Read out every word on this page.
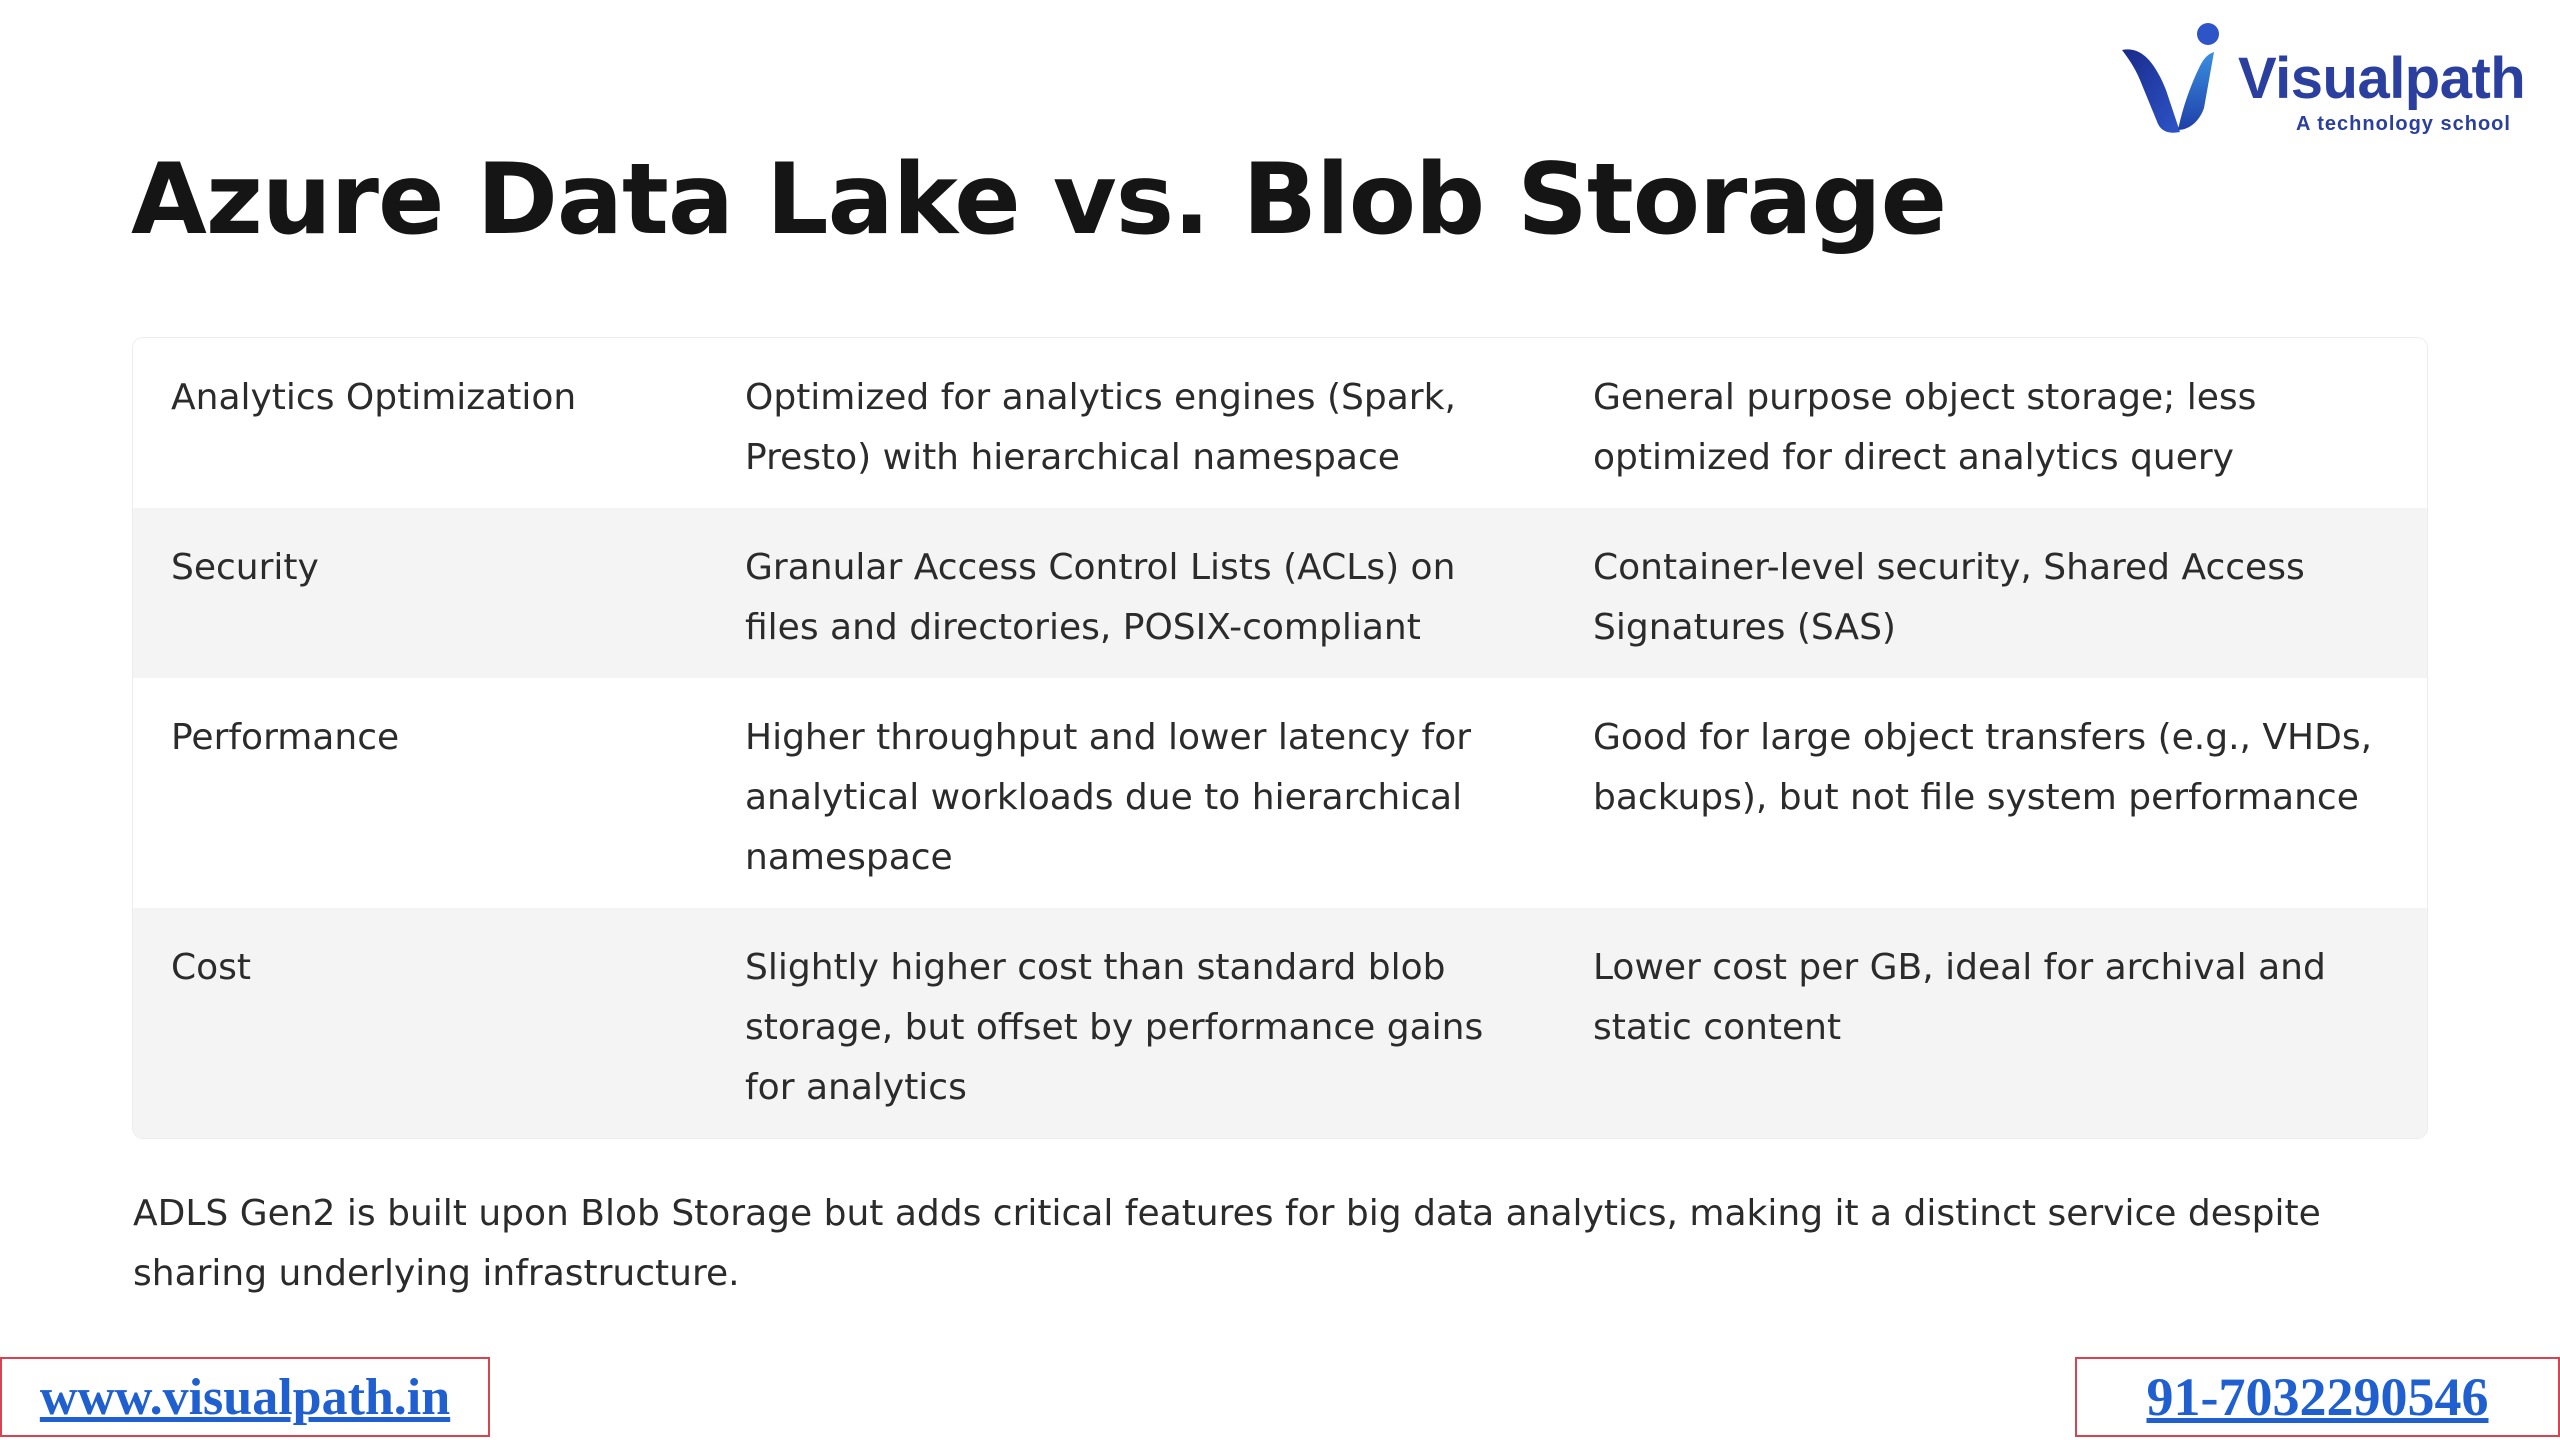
Visualpath
A technology school
Azure Data Lake vs. Blob Storage
Analytics Optimization	Optimized for analytics engines (Spark, Presto) with hierarchical namespace	General purpose object storage; less optimized for direct analytics query
Security	Granular Access Control Lists (ACLs) on files and directories, POSIX-compliant	Container-level security, Shared Access Signatures (SAS)
Performance	Higher throughput and lower latency for analytical workloads due to hierarchical namespace	Good for large object transfers (e.g., VHDs, backups), but not file system performance
Cost	Slightly higher cost than standard blob storage, but offset by performance gains for analytics	Lower cost per GB, ideal for archival and static content

ADLS Gen2 is built upon Blob Storage but adds critical features for big data analytics, making it a distinct service despite sharing underlying infrastructure.

www.visualpath.in	91-7032290546
